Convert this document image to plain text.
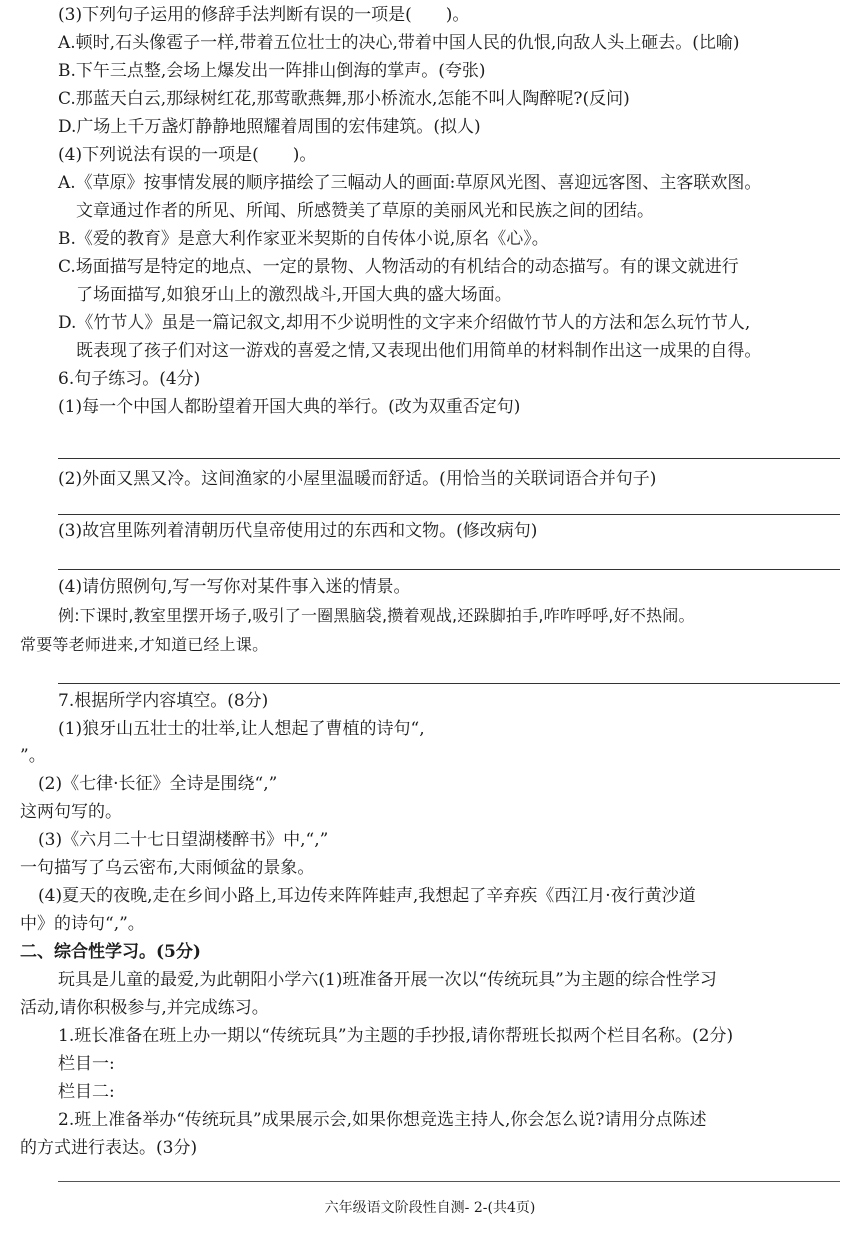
(3)下列句子运用的修辞手法判断有误的一项是(　　)。
A.顿时,石头像雹子一样,带着五位壮士的决心,带着中国人民的仇恨,向敌人头上砸去。(比喻)
B.下午三点整,会场上爆发出一阵排山倒海的掌声。(夸张)
C.那蓝天白云,那绿树红花,那莺歌燕舞,那小桥流水,怎能不叫人陶醉呢?(反问)
D.广场上千万盏灯静静地照耀着周围的宏伟建筑。(拟人)
(4)下列说法有误的一项是(　　)。
A.《草原》按事情发展的顺序描绘了三幅动人的画面:草原风光图、喜迎远客图、主客联欢图。
文章通过作者的所见、所闻、所感赞美了草原的美丽风光和民族之间的团结。
B.《爱的教育》是意大利作家亚米契斯的自传体小说,原名《心》。
C.场面描写是特定的地点、一定的景物、人物活动的有机结合的动态描写。有的课文就进行
了场面描写,如狼牙山上的激烈战斗,开国大典的盛大场面。
D.《竹节人》虽是一篇记叙文,却用不少说明性的文字来介绍做竹节人的方法和怎么玩竹节人,
既表现了孩子们对这一游戏的喜爱之情,又表现出他们用简单的材料制作出这一成果的自得。
6.句子练习。(4分)
(1)每一个中国人都盼望着开国大典的举行。(改为双重否定句)
(2)外面又黑又冷。这间渔家的小屋里温暖而舒适。(用恰当的关联词语合并句子)
(3)故宫里陈列着清朝历代皇帝使用过的东西和文物。(修改病句)
(4)请仿照例句,写一写你对某件事入迷的情景。
例:下课时,教室里摆开场子,吸引了一圈黑脑袋,攒着观战,还跺脚拍手,咋咋呼呼,好不热闹。
常要等老师进来,才知道已经上课。
7.根据所学内容填空。(8分)
(1)狼牙山五壮士的壮举,让人想起了曹植的诗句“,
”。
(2)《七律·长征》全诗是围绕“,”
这两句写的。
(3)《六月二十七日望湖楼醉书》中,“,”
一句描写了乌云密布,大雨倾盆的景象。
(4)夏天的夜晚,走在乡间小路上,耳边传来阵阵蛙声,我想起了辛弃疾《西江月·夜行黄沙道
中》的诗句“,”。
二、综合性学习。(5分)
玩具是儿童的最爱,为此朝阳小学六(1)班准备开展一次以“传统玩具”为主题的综合性学习
活动,请你积极参与,并完成练习。
1.班长准备在班上办一期以“传统玩具”为主题的手抄报,请你帮班长拟两个栏目名称。(2分)
栏目一:
栏目二:
2.班上准备举办“传统玩具”成果展示会,如果你想竞选主持人,你会怎么说?请用分点陈述
的方式进行表达。(3分)
六年级语文阶段性自测- 2-(共4页)
